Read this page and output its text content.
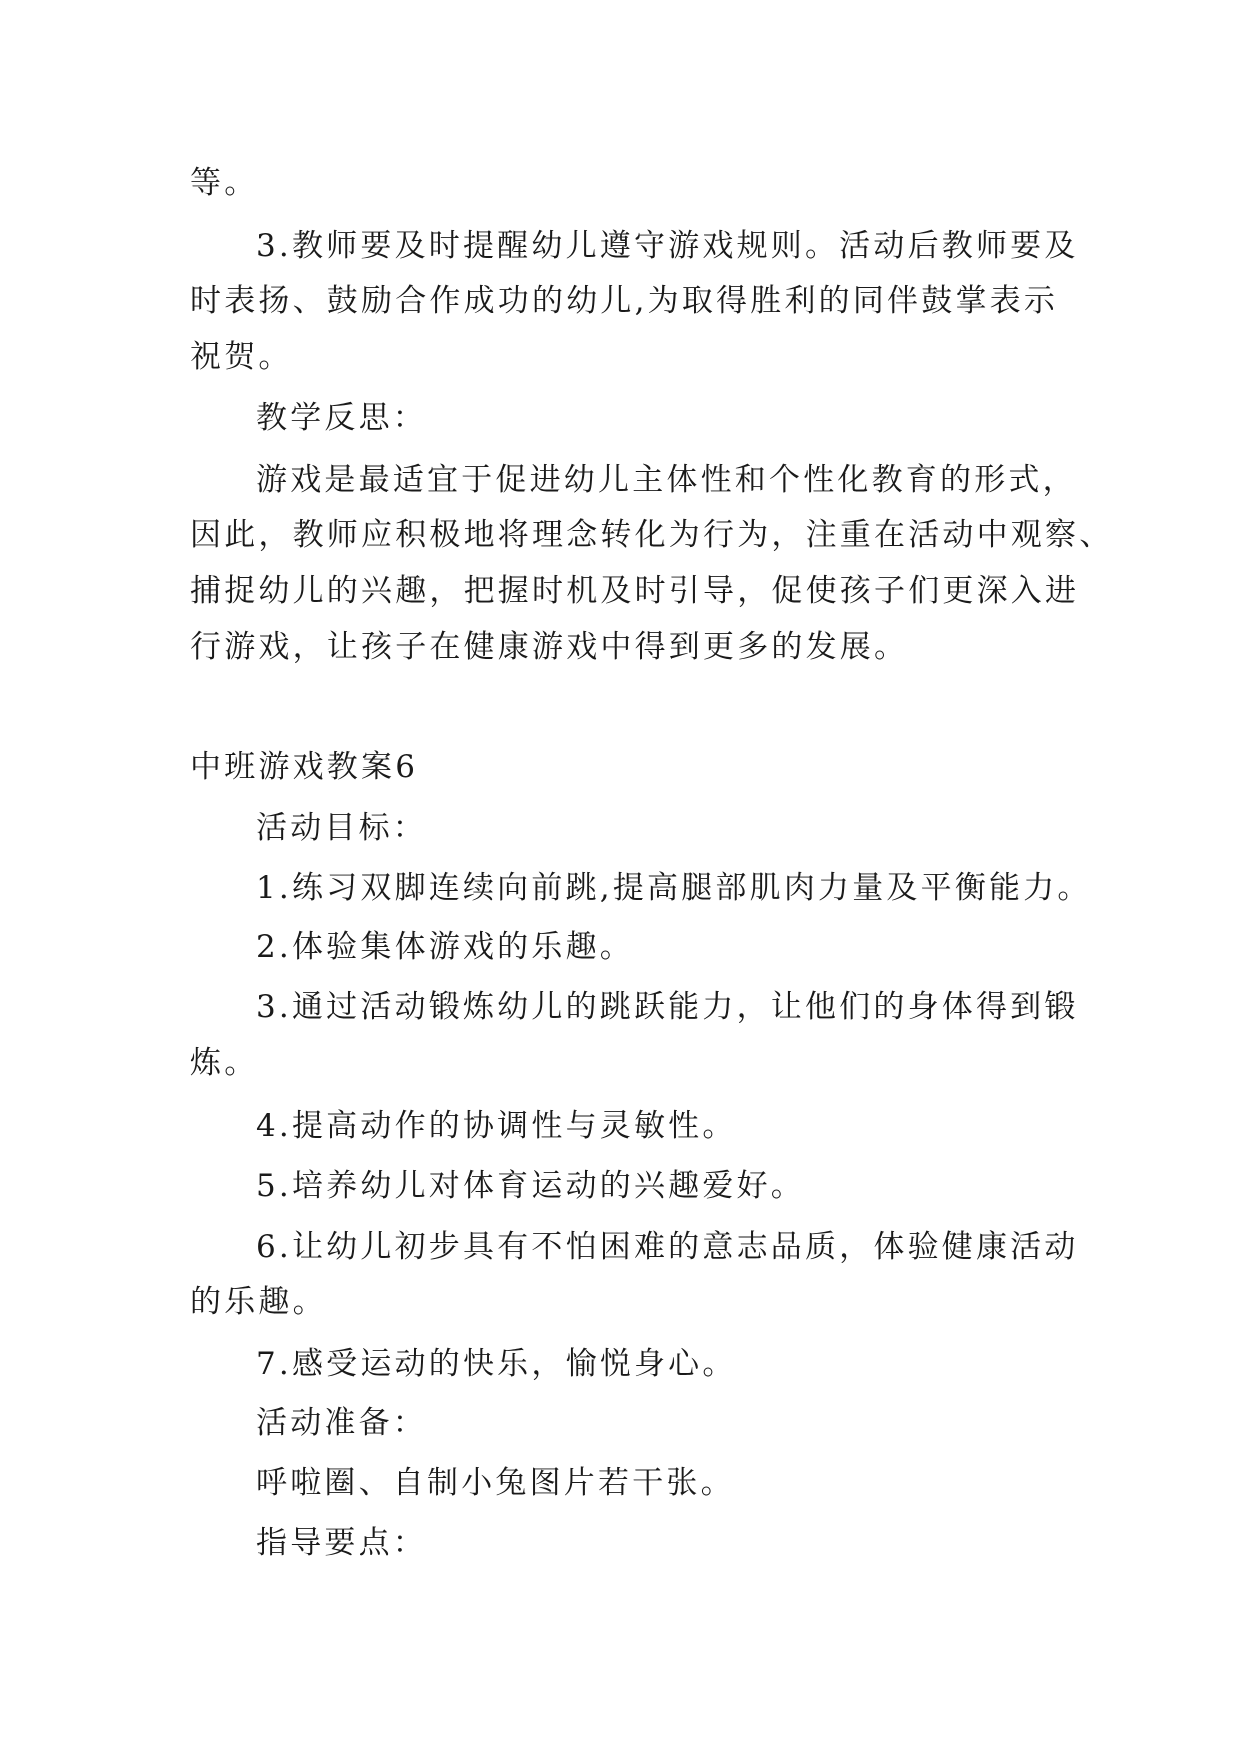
等。
3.教师要及时提醒幼儿遵守游戏规则。活动后教师要及
时表扬、鼓励合作成功的幼儿,为取得胜利的同伴鼓掌表示
祝贺。
教学反思：
游戏是最适宜于促进幼儿主体性和个性化教育的形式，
因此，教师应积极地将理念转化为行为，注重在活动中观察、
捕捉幼儿的兴趣，把握时机及时引导，促使孩子们更深入进
行游戏，让孩子在健康游戏中得到更多的发展。
中班游戏教案6
活动目标：
1.练习双脚连续向前跳,提高腿部肌肉力量及平衡能力。
2.体验集体游戏的乐趣。
3.通过活动锻炼幼儿的跳跃能力，让他们的身体得到锻
炼。
4.提高动作的协调性与灵敏性。
5.培养幼儿对体育运动的兴趣爱好。
6.让幼儿初步具有不怕困难的意志品质，体验健康活动
的乐趣。
7.感受运动的快乐，愉悦身心。
活动准备：
呼啦圈、自制小兔图片若干张。
指导要点：
